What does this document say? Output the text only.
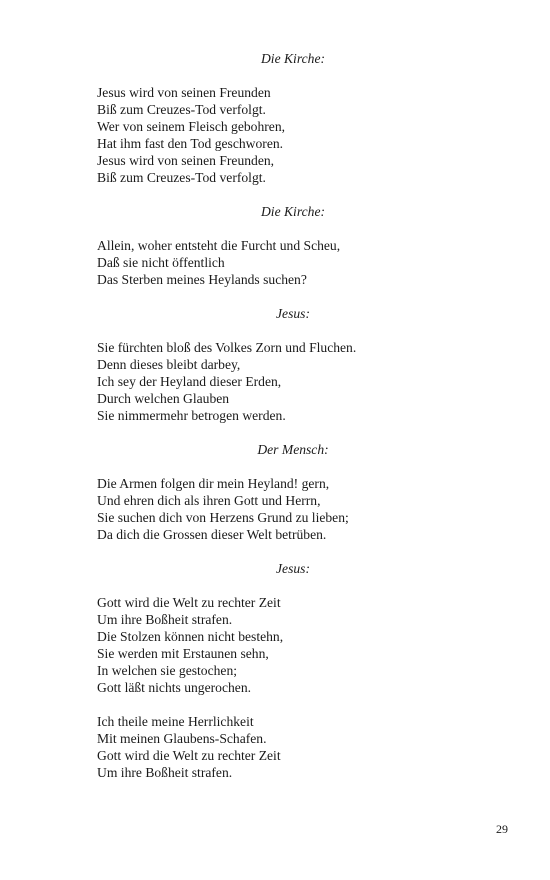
Die Kirche:
Jesus wird von seinen Freunden
Biß zum Creuzes-Tod verfolgt.
Wer von seinem Fleisch gebohren,
Hat ihm fast den Tod geschworen.
Jesus wird von seinen Freunden,
Biß zum Creuzes-Tod verfolgt.
Die Kirche:
Allein, woher entsteht die Furcht und Scheu,
Daß sie nicht öffentlich
Das Sterben meines Heylands suchen?
Jesus:
Sie fürchten bloß des Volkes Zorn und Fluchen.
Denn dieses bleibt darbey,
Ich sey der Heyland dieser Erden,
Durch welchen Glauben
Sie nimmermehr betrogen werden.
Der Mensch:
Die Armen folgen dir mein Heyland! gern,
Und ehren dich als ihren Gott und Herrn,
Sie suchen dich von Herzens Grund zu lieben;
Da dich die Grossen dieser Welt betrüben.
Jesus:
Gott wird die Welt zu rechter Zeit
Um ihre Boßheit strafen.
Die Stolzen können nicht bestehn,
Sie werden mit Erstaunen sehn,
In welchen sie gestochen;
Gott läßt nichts ungerochen.
Ich theile meine Herrlichkeit
Mit meinen Glaubens-Schafen.
Gott wird die Welt zu rechter Zeit
Um ihre Boßheit strafen.
29
